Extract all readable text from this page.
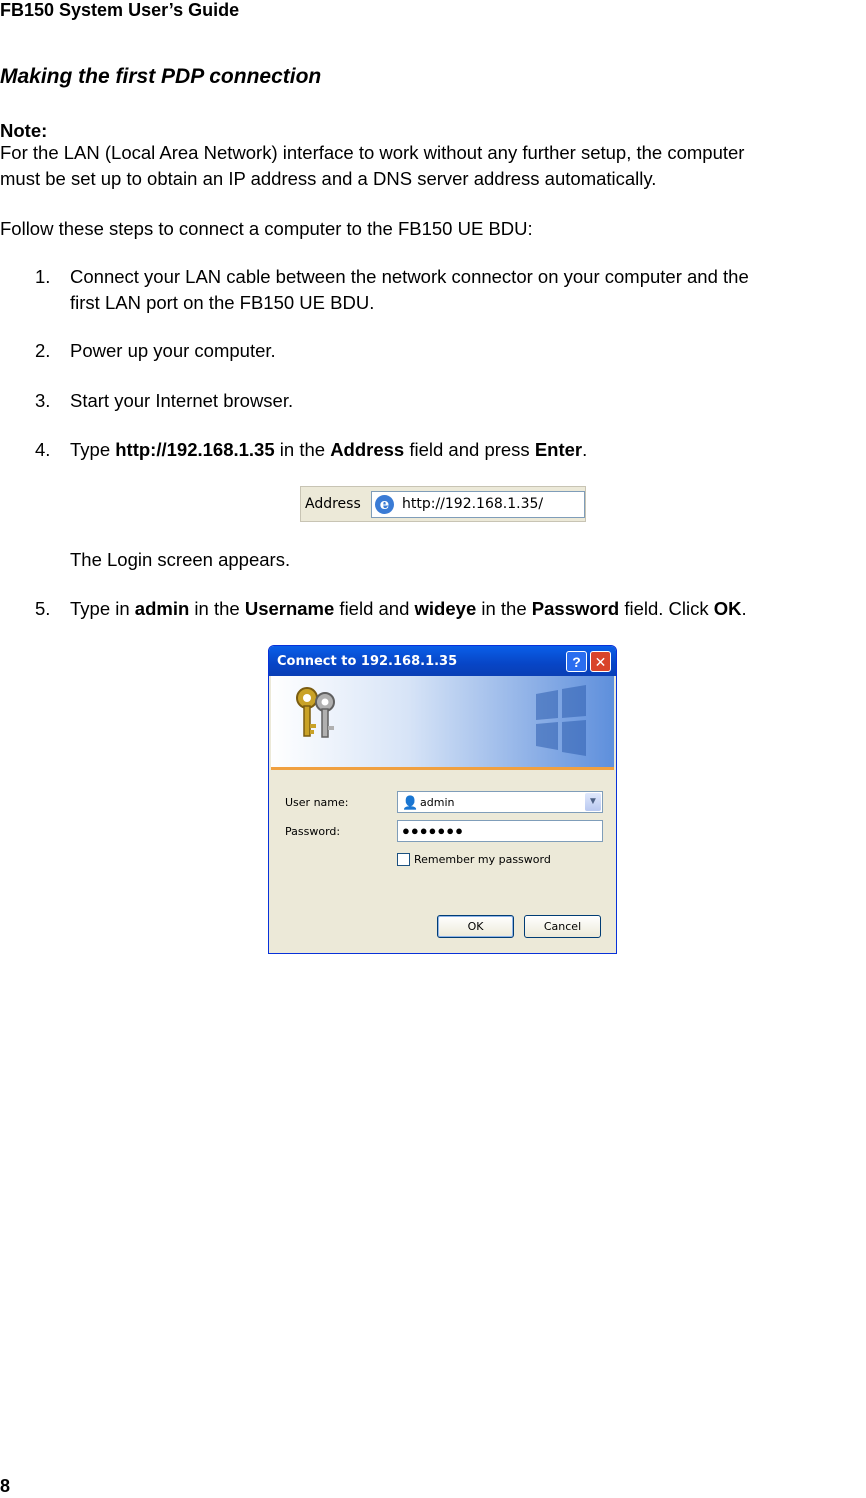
FB150 System User’s Guide
Making the first PDP connection
Note:
For the LAN (Local Area Network) interface to work without any further setup, the computer
must be set up to obtain an IP address and a DNS server address automatically.
Follow these steps to connect a computer to the FB150 UE BDU:
1. Connect your LAN cable between the network connector on your computer and the
first LAN port on the FB150 UE BDU.
2. Power up your computer.
3. Start your Internet browser.
4. Type http://192.168.1.35 in the Address field and press Enter.
Address	e http://192.168.1.35/
The Login screen appears.
5. Type in admin in the Username field and wideye in the Password field. Click OK.
Connect to 192.168.1.35	? ✕
User name:	👤 admin	▼
Password:	●●●●●●●
Remember my password
OK	Cancel
8
